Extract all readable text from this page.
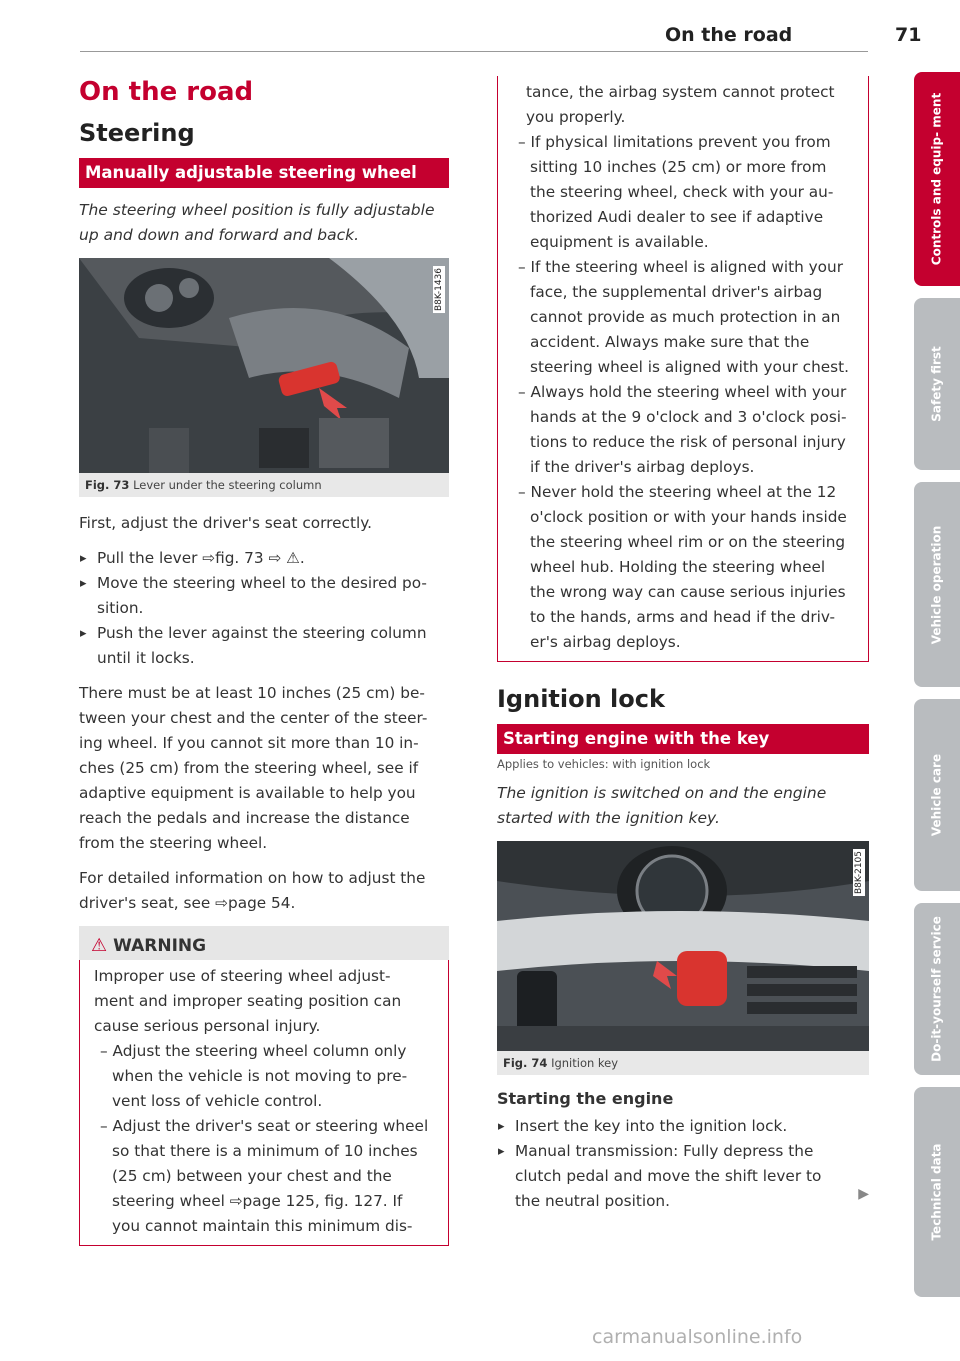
On the road	71
On the road
Steering
Manually adjustable steering wheel
The steering wheel position is fully adjustable up and down and forward and back.
B8K-1436
Fig. 73 Lever under the steering column

First, adjust the driver's seat correctly.

▸ Pull the lever ⇨fig. 73 ⇨ ⚠.

▸ Move the steering wheel to the desired po- sition.

▸ Push the lever against the steering column until it locks.

There must be at least 10 inches (25 cm) be- tween your chest and the center of the steer- ing wheel. If you cannot sit more than 10 in- ches (25 cm) from the steering wheel, see if adaptive equipment is available to help you reach the pedals and increase the distance from the steering wheel.

For detailed information on how to adjust the driver's seat, see ⇨page 54.

⚠ WARNING

Improper use of steering wheel adjust- ment and improper seating position can cause serious personal injury.

– Adjust the steering wheel column only when the vehicle is not moving to pre- vent loss of vehicle control.

– Adjust the driver's seat or steering wheel so that there is a minimum of 10 inches (25 cm) between your chest and the steering wheel ⇨page 125, fig. 127. If you cannot maintain this minimum dis-

tance, the airbag system cannot protect you properly.

– If physical limitations prevent you from sitting 10 inches (25 cm) or more from the steering wheel, check with your au- thorized Audi dealer to see if adaptive equipment is available.

– If the steering wheel is aligned with your face, the supplemental driver's airbag cannot provide as much protection in an accident. Always make sure that the steering wheel is aligned with your chest.

– Always hold the steering wheel with your hands at the 9 o'clock and 3 o'clock posi- tions to reduce the risk of personal injury if the driver's airbag deploys.

– Never hold the steering wheel at the 12 o'clock position or with your hands inside the steering wheel rim or on the steering wheel hub. Holding the steering wheel the wrong way can cause serious injuries to the hands, arms and head if the driv- er's airbag deploys.

Ignition lock
Starting engine with the key
Applies to vehicles: with ignition lock
The ignition is switched on and the engine started with the ignition key.
B8K-2105
Fig. 74 Ignition key
Starting the engine

▸ Insert the key into the ignition lock.

▸ Manual transmission: Fully depress the clutch pedal and move the shift lever to the neutral position.	▶
Controls and equip- ment
Safety first
Vehicle operation
Vehicle care
Do-it-yourself service
Technical data
carmanualsonline.info
